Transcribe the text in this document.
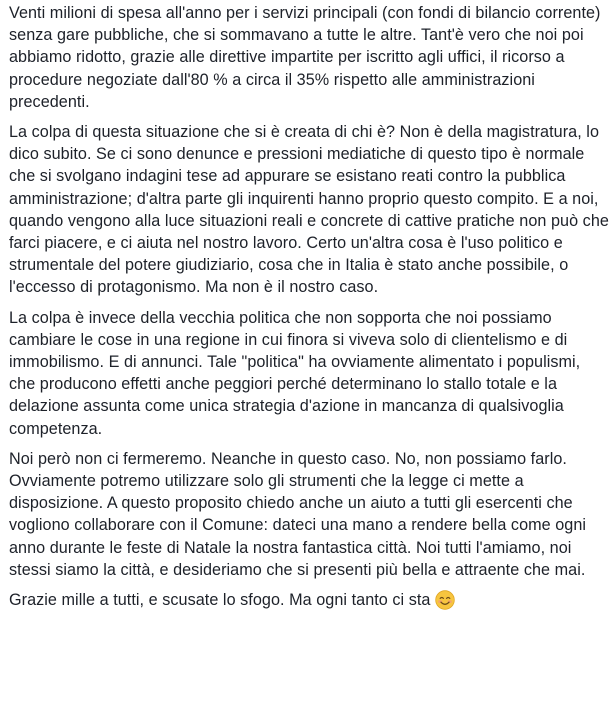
Venti milioni di spesa all'anno per i servizi principali (con fondi di bilancio corrente) senza gare pubbliche, che si sommavano a tutte le altre. Tant'è vero che noi poi abbiamo ridotto, grazie alle direttive impartite per iscritto agli uffici, il ricorso a procedure negoziate dall'80 % a circa il 35% rispetto alle amministrazioni precedenti.

La colpa di questa situazione che si è creata di chi è? Non è della magistratura, lo dico subito. Se ci sono denunce e pressioni mediatiche di questo tipo è normale che si svolgano indagini tese ad appurare se esistano reati contro la pubblica amministrazione; d'altra parte gli inquirenti hanno proprio questo compito. E a noi, quando vengono alla luce situazioni reali e concrete di cattive pratiche non può che farci piacere, e ci aiuta nel nostro lavoro. Certo un'altra cosa è l'uso politico e strumentale del potere giudiziario, cosa che in Italia è stato anche possibile, o l'eccesso di protagonismo. Ma non è il nostro caso.

La colpa è invece della vecchia politica che non sopporta che noi possiamo cambiare le cose in una regione in cui finora si viveva solo di clientelismo e di immobilismo. E di annunci. Tale "politica" ha ovviamente alimentato i populismi, che producono effetti anche peggiori perché determinano lo stallo totale e la delazione assunta come unica strategia d'azione in mancanza di qualsivoglia competenza.

Noi però non ci fermeremo. Neanche in questo caso. No, non possiamo farlo. Ovviamente potremo utilizzare solo gli strumenti che la legge ci mette a disposizione. A questo proposito chiedo anche un aiuto a tutti gli esercenti che vogliono collaborare con il Comune: dateci una mano a rendere bella come ogni anno durante le feste di Natale la nostra fantastica città. Noi tutti l'amiamo, noi stessi siamo la città, e desideriamo che si presenti più bella e attraente che mai.

Grazie mille a tutti, e scusate lo sfogo. Ma ogni tanto ci sta
